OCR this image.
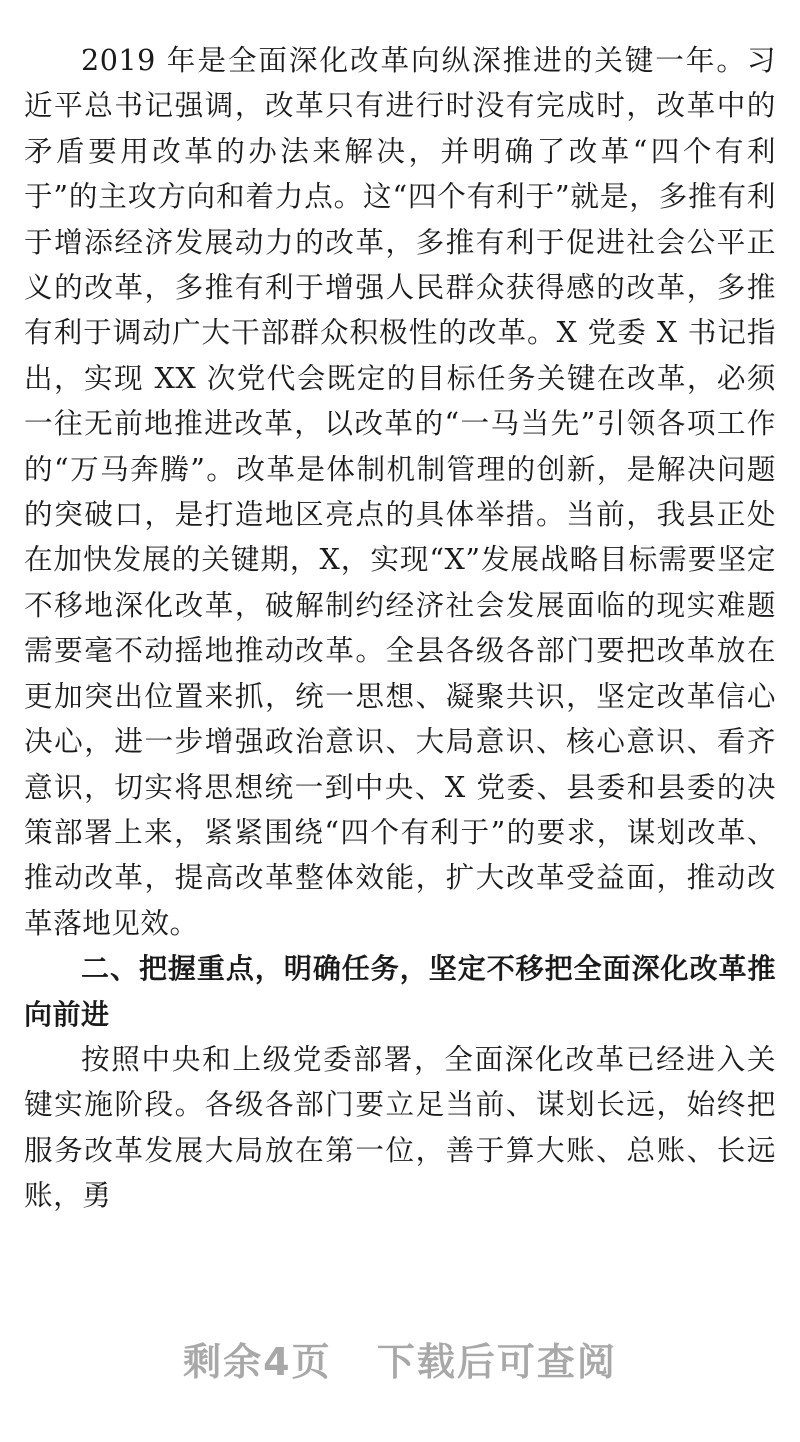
2019 年是全面深化改革向纵深推进的关键一年。习近平总书记强调，改革只有进行时没有完成时，改革中的矛盾要用改革的办法来解决，并明确了改革“四个有利于”的主攻方向和着力点。这“四个有利于”就是，多推有利于增添经济发展动力的改革，多推有利于促进社会公平正义的改革，多推有利于增强人民群众获得感的改革，多推有利于调动广大干部群众积极性的改革。X 党委 X 书记指出，实现 XX 次党代会既定的目标任务关键在改革，必须一往无前地推进改革，以改革的“一马当先”引领各项工作的“万马奔腾”。改革是体制机制管理的创新，是解决问题的突破口，是打造地区亮点的具体举措。当前，我县正处在加快发展的关键期，X，实现“X”发展战略目标需要坚定不移地深化改革，破解制约经济社会发展面临的现实难题需要毫不动摇地推动改革。全县各级各部门要把改革放在更加突出位置来抓，统一思想、凝聚共识，坚定改革信心决心，进一步增强政治意识、大局意识、核心意识、看齐意识，切实将思想统一到中央、X 党委、县委和县委的决策部署上来，紧紧围绕“四个有利于”的要求，谋划改革、推动改革，提高改革整体效能，扩大改革受益面，推动改革落地见效。

二、把握重点，明确任务，坚定不移把全面深化改革推向前进

按照中央和上级党委部署，全面深化改革已经进入关键实施阶段。各级各部门要立足当前、谋划长远，始终把服务改革发展大局放在第一位，善于算大账、总账、长远账，勇

剩余4页 下载后可查阅
